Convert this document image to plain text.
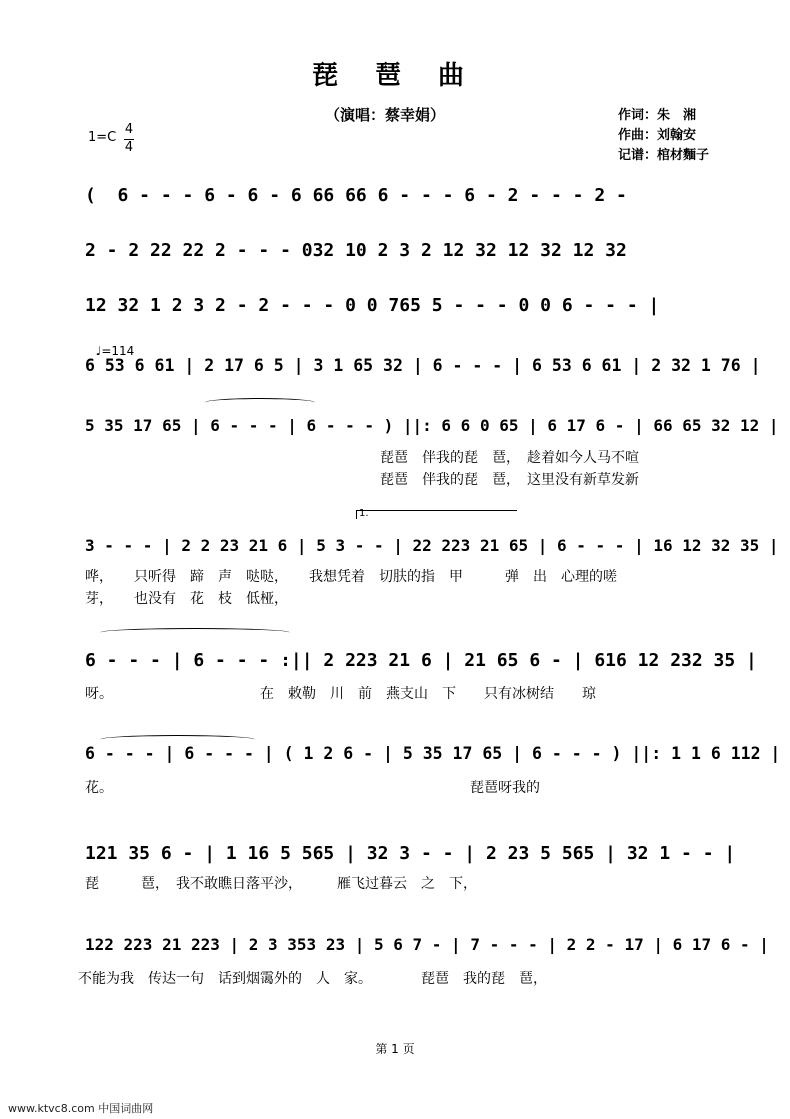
琵 琶 曲
（演唱：蔡幸娟）	作词：朱　湘
作曲：刘翰安
记谱：棺材麵子
1=C
4
4

♩=114

(  6 - - - 6 - 6 - 6 66 66 6 - - - 6 - 2 - - - 2 -
2 - 2 22 22 2 - - - 032 10 2 3 2 12 32 12 32 12 32
12 32 1 2 3 2 - 2 - - - 0 0 765 5 - - - 0 0 6 - - - |
6 53 6 61 | 2 17 6 5 | 3 1 65 32 | 6 - - - | 6 53 6 61 | 2 32 1 76 |
5 35 17 65 | 6 - - - | 6 - - - ) ||: 6 6 0 65 | 6 17 6 - | 66 65 32 12 |
3 - - - | 2 2 23 21 6 | 5 3 - - | 22 223 21 65 | 6 - - - | 16 12 32 35 |
6 - - - | 6 - - - :|| 2 223 21 6 | 21 65 6 - | 616 12 232 35 |
6 - - - | 6 - - - | ( 1 2 6 - | 5 35 17 65 | 6 - - - ) ||: 1 1 6 112 |
121 35 6 - | 1 16 5 565 | 32 3 - - | 2 23 5 565 | 32 1 - - |
122 223 21 223 | 2 3 353 23 | 5 6 7 - | 7 - - - | 2 2 - 17 | 6 17 6 - |
琵琶　伴我的琵　琶，　趁着如今人马不喧
琵琶　伴我的琵　琶，　这里没有新草发新
哗，　　只听得　蹄　声　哒哒，　　我想凭着　切肤的指　甲　　　弹　出　心理的嗟
芽，　　也没有　花　枝　低桠，
呀。　　　　　　　　　　　在　敕勒　川　前　燕支山　下　　只有冰树结　　琼
花。　　　　　　　　　　　　　　　　　　　　　　　　　　琵琶呀我的
琵　　　琶，　我不敢瞧日落平沙，　　　雁飞过暮云　之　下，
不能为我　传达一句　话到烟霭外的　人　家。　　　　琵琶　我的琵　琶，
1.
第 1 页
www.ktvc8.com 中国词曲网
